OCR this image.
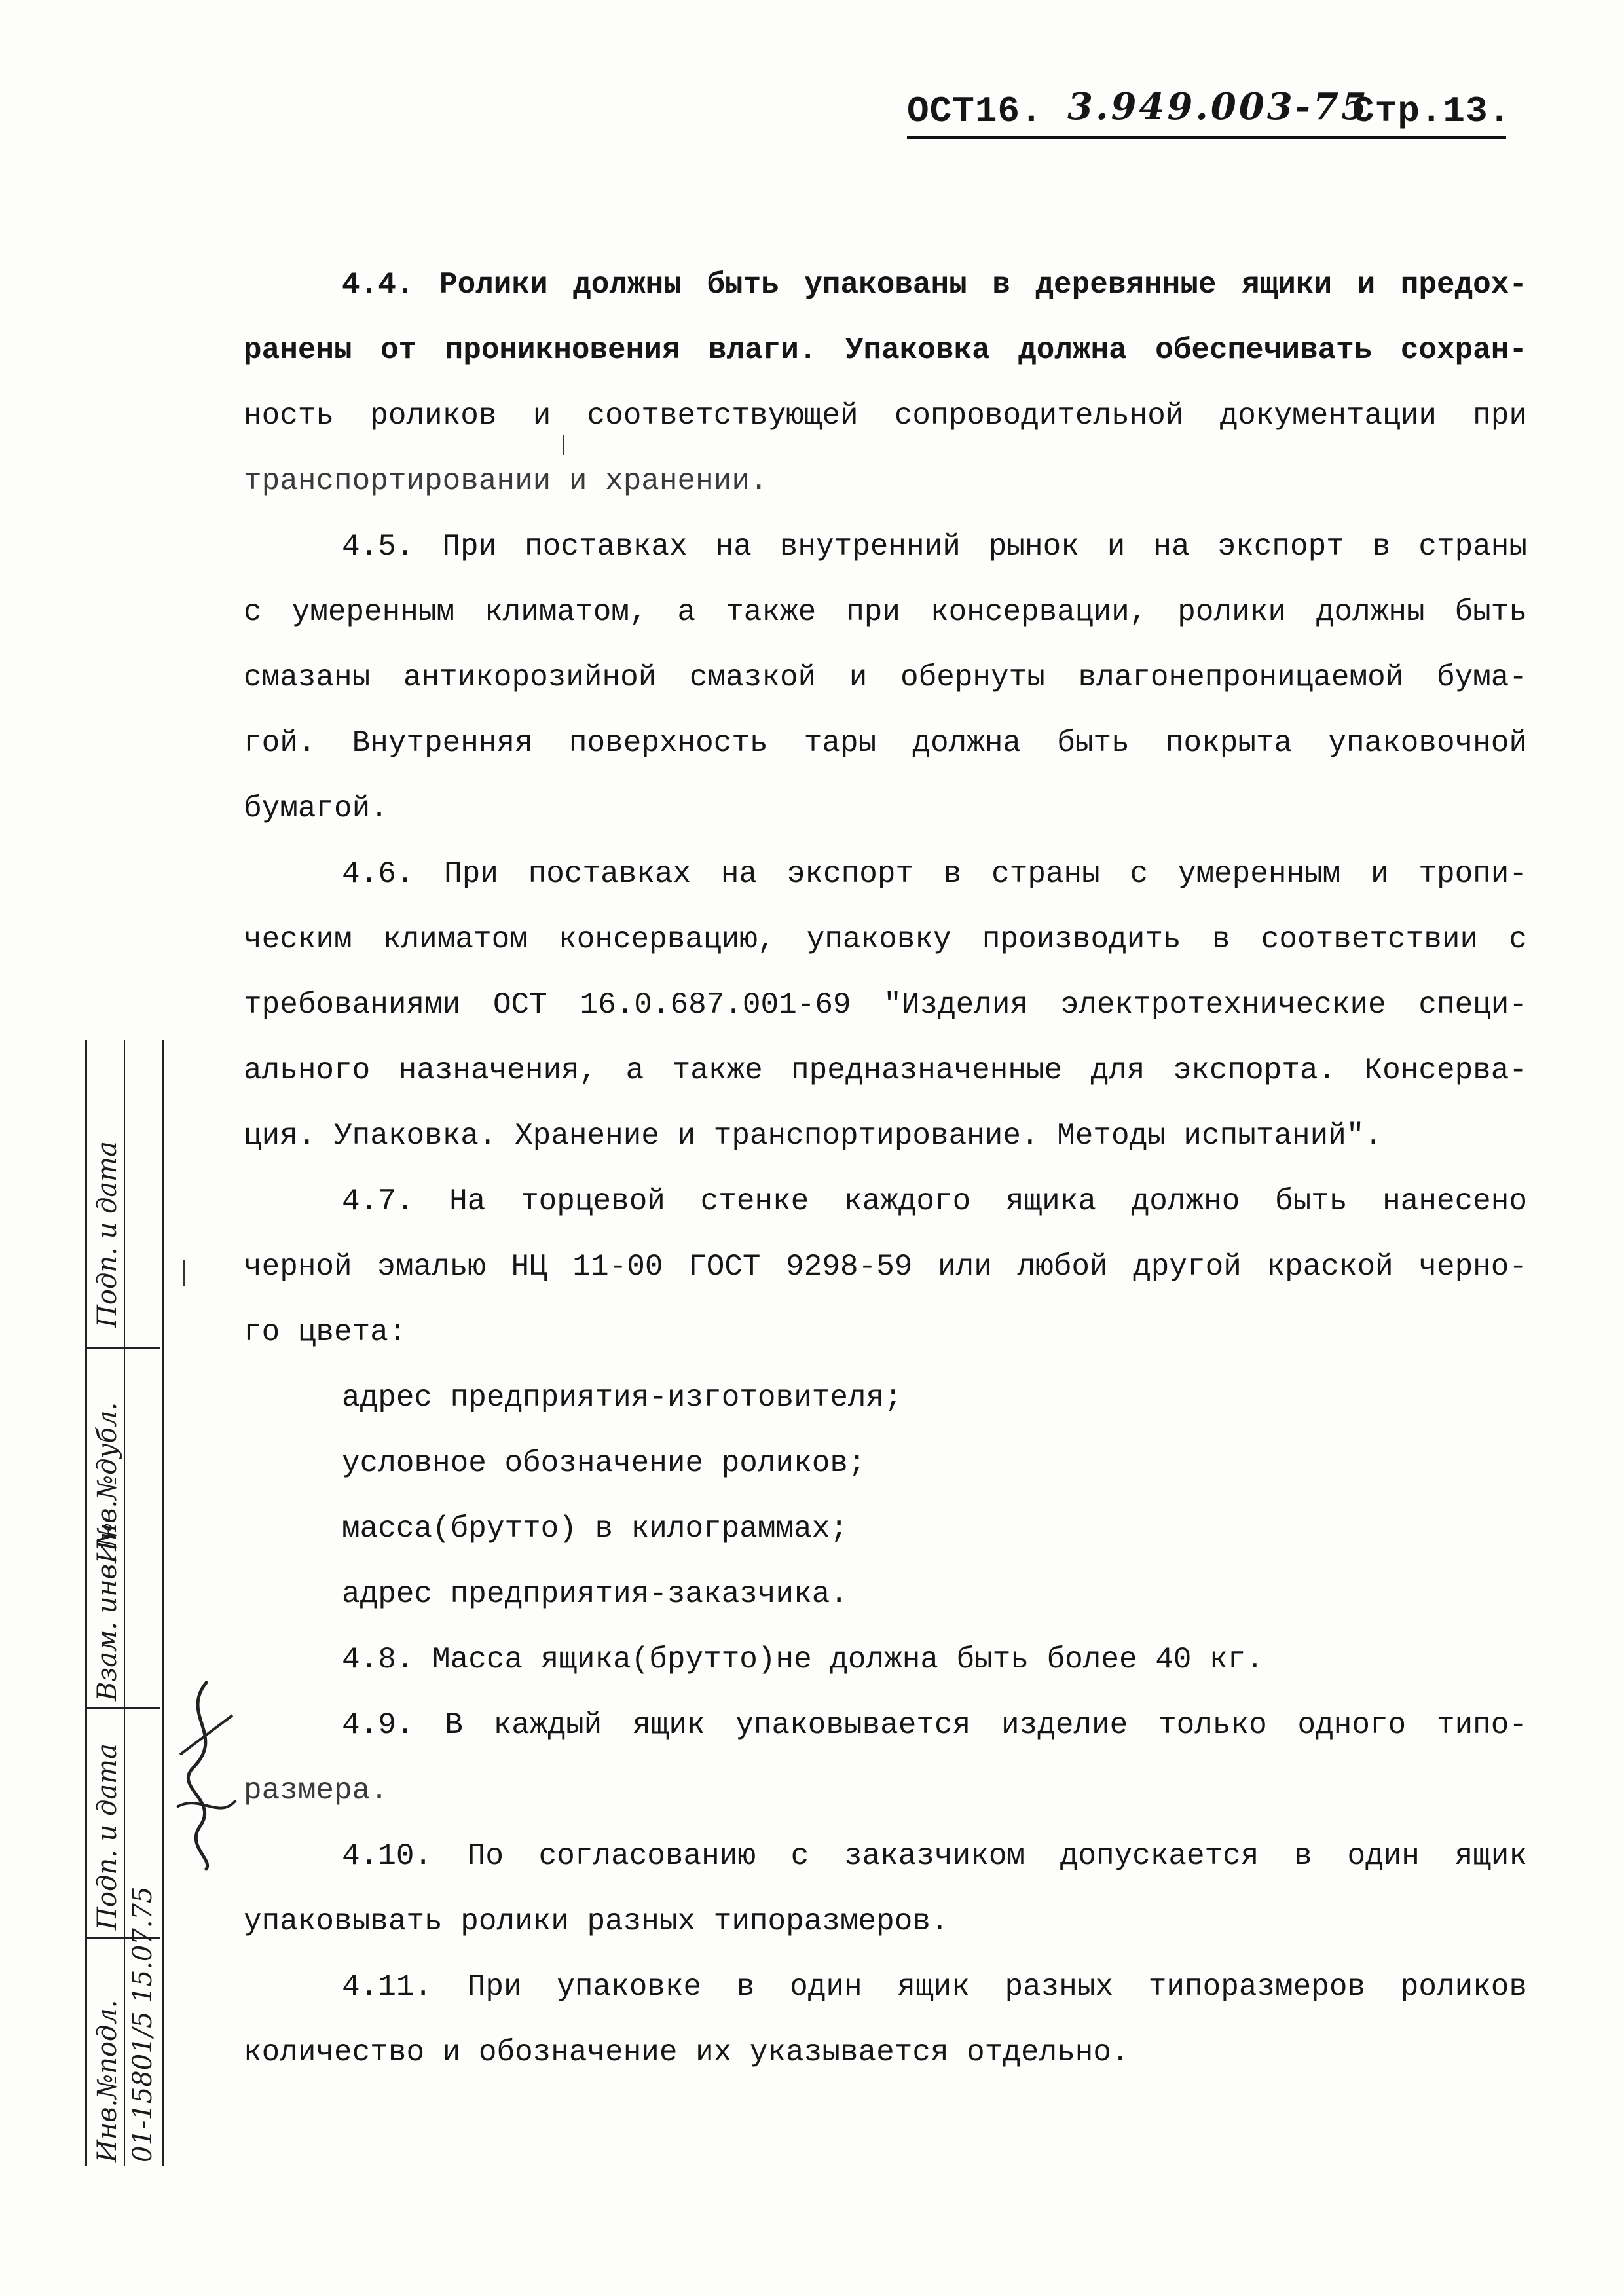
ОСТ16. 3.949.003-75
Стр.13.
4.4. Ролики должны быть упакованы в деревянные ящики и предох-
ранены от проникновения влаги. Упаковка должна обеспечивать сохран-
ность роликов и соответствующей сопроводительной документации при
транспортировании и хранении.
4.5. При поставках на внутренний рынок и на экспорт в страны
с умеренным климатом, а также при консервации, ролики должны быть
смазаны антикорозийной смазкой и обернуты влагонепроницаемой бума-
гой. Внутренняя поверхность тары должна быть покрыта упаковочной
бумагой.
4.6. При поставках на экспорт в страны с умеренным и тропи-
ческим климатом консервацию, упаковку производить в соответствии с
требованиями ОСТ 16.0.687.001-69 "Изделия электротехнические специ-
ального назначения, а также предназначенные для экспорта. Консерва-
ция. Упаковка. Хранение и транспортирование. Методы испытаний".
4.7. На торцевой стенке каждого ящика должно быть нанесено
черной эмалью НЦ 11-00 ГОСТ 9298-59 или любой другой краской черно-
го цвета:
адрес предприятия-изготовителя;
условное обозначение роликов;
масса(брутто) в килограммах;
адрес предприятия-заказчика.
4.8. Масса ящика(брутто)не должна быть более 40 кг.
4.9. В каждый ящик упаковывается изделие только одного типо-
размера.
4.10. По согласованию с заказчиком допускается в один ящик
упаковывать ролики разных типоразмеров.
4.11. При упаковке в один ящик разных типоразмеров роликов
количество и обозначение их указывается отдельно.
Инв.№подл.
Подп. и дата
Взам. инв. №
Инв.№дубл.
Подп. и дата
01-15801/5 15.07.75
